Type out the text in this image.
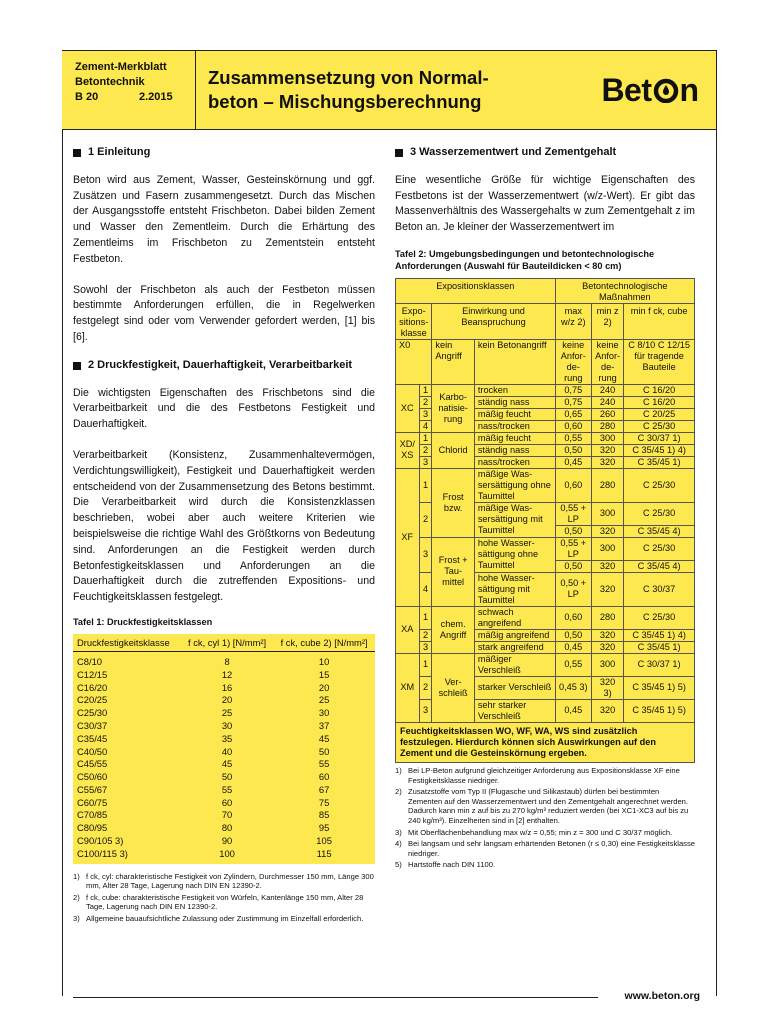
Zement-Merkblatt
Betontechnik
B 20	2.2015
Zusammensetzung von Normal-
beton – Mischungsberechnung	Bet n
1 Einleitung

Beton wird aus Zement, Wasser, Gesteinskörnung und ggf. Zusätzen und Fasern zusammengesetzt. Durch das Mischen der Ausgangsstoffe entsteht Frischbeton. Dabei bilden Zement und Wasser den Zementleim. Durch die Erhärtung des Zementleims im Frischbeton zu Zementstein entsteht Festbeton.

Sowohl der Frischbeton als auch der Festbeton müssen bestimmte Anforderungen erfüllen, die in Regelwerken festgelegt sind oder vom Verwender gefordert werden, [1] bis [6].

2 Druckfestigkeit, Dauerhaftigkeit, Verarbeitbarkeit

Die wichtigsten Eigenschaften des Frischbetons sind die Verarbeitbarkeit und die des Festbetons Festigkeit und Dauerhaftigkeit.

Verarbeitbarkeit (Konsistenz, Zusammenhaltevermögen, Verdichtungswilligkeit), Festigkeit und Dauerhaftigkeit werden entscheidend von der Zusammensetzung des Betons bestimmt. Die Verarbeitbarkeit wird durch die Konsistenzklassen beschrieben, wobei aber auch weitere Kriterien wie beispielsweise die richtige Wahl des Größtkorns von Bedeutung sind. Anforderungen an die Festigkeit werden durch Betonfestigkeitsklassen und Anforderungen an die Dauerhaftigkeit durch die zutreffenden Expositions- und Feuchtigkeitsklassen festgelegt.

Tafel 1: Druckfestigkeitsklassen
Druckfestigkeitsklasse	f ck, cyl 1) [N/mm²]	f ck, cube 2) [N/mm²]
C8/10	8	10
C12/15	12	15
C16/20	16	20
C20/25	20	25
C25/30	25	30
C30/37	30	37
C35/45	35	45
C40/50	40	50
C45/55	45	55
C50/60	50	60
C55/67	55	67
C60/75	60	75
C70/85	70	85
C80/95	80	95
C90/105 3)	90	105
C100/115 3)	100	115
1) f ck, cyl: charakteristische Festigkeit von Zylindern, Durchmesser 150 mm, Länge 300 mm, Alter 28 Tage, Lagerung nach DIN EN 12390-2.
2) f ck, cube: charakteristische Festigkeit von Würfeln, Kantenlänge 150 mm, Alter 28 Tage, Lagerung nach DIN EN 12390-2.
3) Allgemeine bauaufsichtliche Zulassung oder Zustimmung im Einzelfall erforderlich.
3 Wasserzementwert und Zementgehalt

Eine wesentliche Größe für wichtige Eigenschaften des Festbetons ist der Wasserzementwert (w/z-Wert). Er gibt das Massenverhältnis des Wassergehalts w zum Zementgehalt z im Beton an. Je kleiner der Wasserzementwert im

Tafel 2: Umgebungsbedingungen und betontechnologische Anforderungen (Auswahl für Bauteildicken < 80 cm)
Expositionsklassen				Betontechnologische Maßnahmen		
Expo-sitions-klasse		Einwirkung und Beanspruchung		max w/z 2)	min z 2)	min f ck, cube
X0		kein Angriff	kein Betonangriff	keine Anfor-de-rung	keine Anfor-de-rung	C 8/10 C 12/15 für tragende Bauteile
XC	1	Karbo-natisie-rung	trocken	0,75	240	C 16/20
	2		ständig nass	0,75	240	C 16/20
	3		mäßig feucht	0,65	260	C 20/25
	4		nass/trocken	0,60	280	C 25/30
XD/ XS	1	Chlorid	mäßig feucht	0,55	300	C 30/37 1)
	2		ständig nass	0,50	320	C 35/45 1) 4)
	3		nass/trocken	0,45	320	C 35/45 1)
XF	1	Frost bzw.	mäßige Was-sersättigung ohne Taumittel	0,60	280	C 25/30
	2		mäßige Was-sersättigung mit Taumittel	0,55 + LP	300	C 25/30
				0,50	320	C 35/45 4)
	3	Frost + Tau-mittel	hohe Wasser-sättigung ohne Taumittel	0,55 + LP	300	C 25/30
				0,50	320	C 35/45 4)
	4		hohe Wasser-sättigung mit Taumittel	0,50 + LP	320	C 30/37
XA	1	chem. Angriff	schwach angreifend	0,60	280	C 25/30
	2		mäßig angreifend	0,50	320	C 35/45 1) 4)
	3		stark angreifend	0,45	320	C 35/45 1)
XM	1	Ver-schleiß	mäßiger Verschleiß	0,55	300	C 30/37 1)
	2		starker Verschleiß	0,45 3)	320 3)	C 35/45 1) 5)
	3		sehr starker Verschleiß	0,45	320	C 35/45 1) 5)
Feuchtigkeitsklassen WO, WF, WA, WS sind zusätzlich festzulegen. Hierdurch können sich Auswirkungen auf den Zement und die Gesteinskörnung ergeben.						
1) Bei LP-Beton aufgrund gleichzeitiger Anforderung aus Expositionsklasse XF eine Festigkeitsklasse niedriger.
2) Zusatzstoffe vom Typ II (Flugasche und Silikastaub) dürfen bei bestimmten Zementen auf den Wasserzementwert und den Zementgehalt angerechnet werden. Dadurch kann min z auf bis zu 270 kg/m³ reduziert werden (bei XC1-XC3 auf bis zu 240 kg/m³). Einzelheiten sind in [2] enthalten.
3) Mit Oberflächenbehandlung max w/z = 0,55; min z = 300 und C 30/37 möglich.
4) Bei langsam und sehr langsam erhärtenden Betonen (r ≤ 0,30) eine Festigkeitsklasse niedriger.
5) Hartstoffe nach DIN 1100.
www.beton.org
